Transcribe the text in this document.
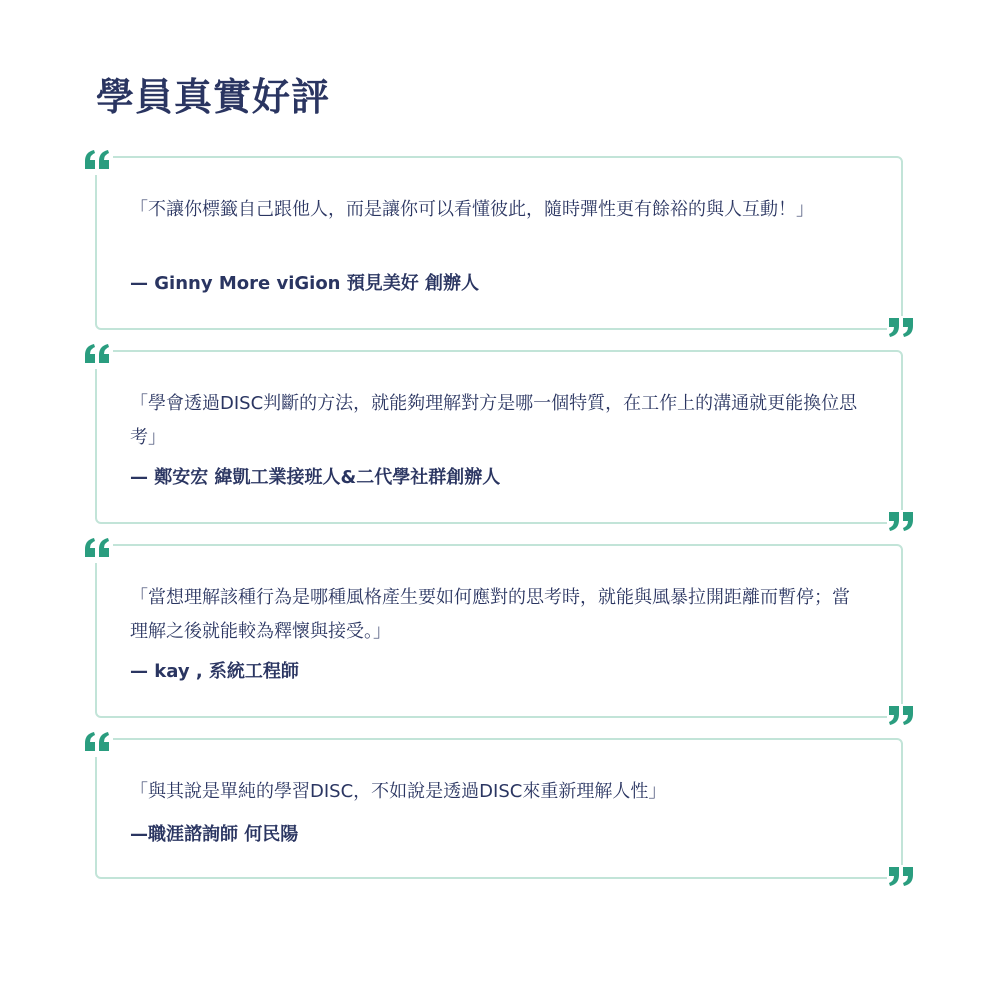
學員真實好評

「不讓你標籤自己跟他人，而是讓你可以看懂彼此，隨時彈性更有餘裕的與人互動！」

— Ginny More viGion 預見美好 創辦人

「學會透過DISC判斷的方法，就能夠理解對方是哪一個特質，在工作上的溝通就更能換位思考」

— 鄭安宏 緯凱工業接班人&二代學社群創辦人

「當想理解該種行為是哪種風格產生要如何應對的思考時，就能與風暴拉開距離而暫停；當理解之後就能較為釋懷與接受。」

— kay , 系統工程師

「與其說是單純的學習DISC，不如說是透過DISC來重新理解人性」

—職涯諮詢師 何民陽
